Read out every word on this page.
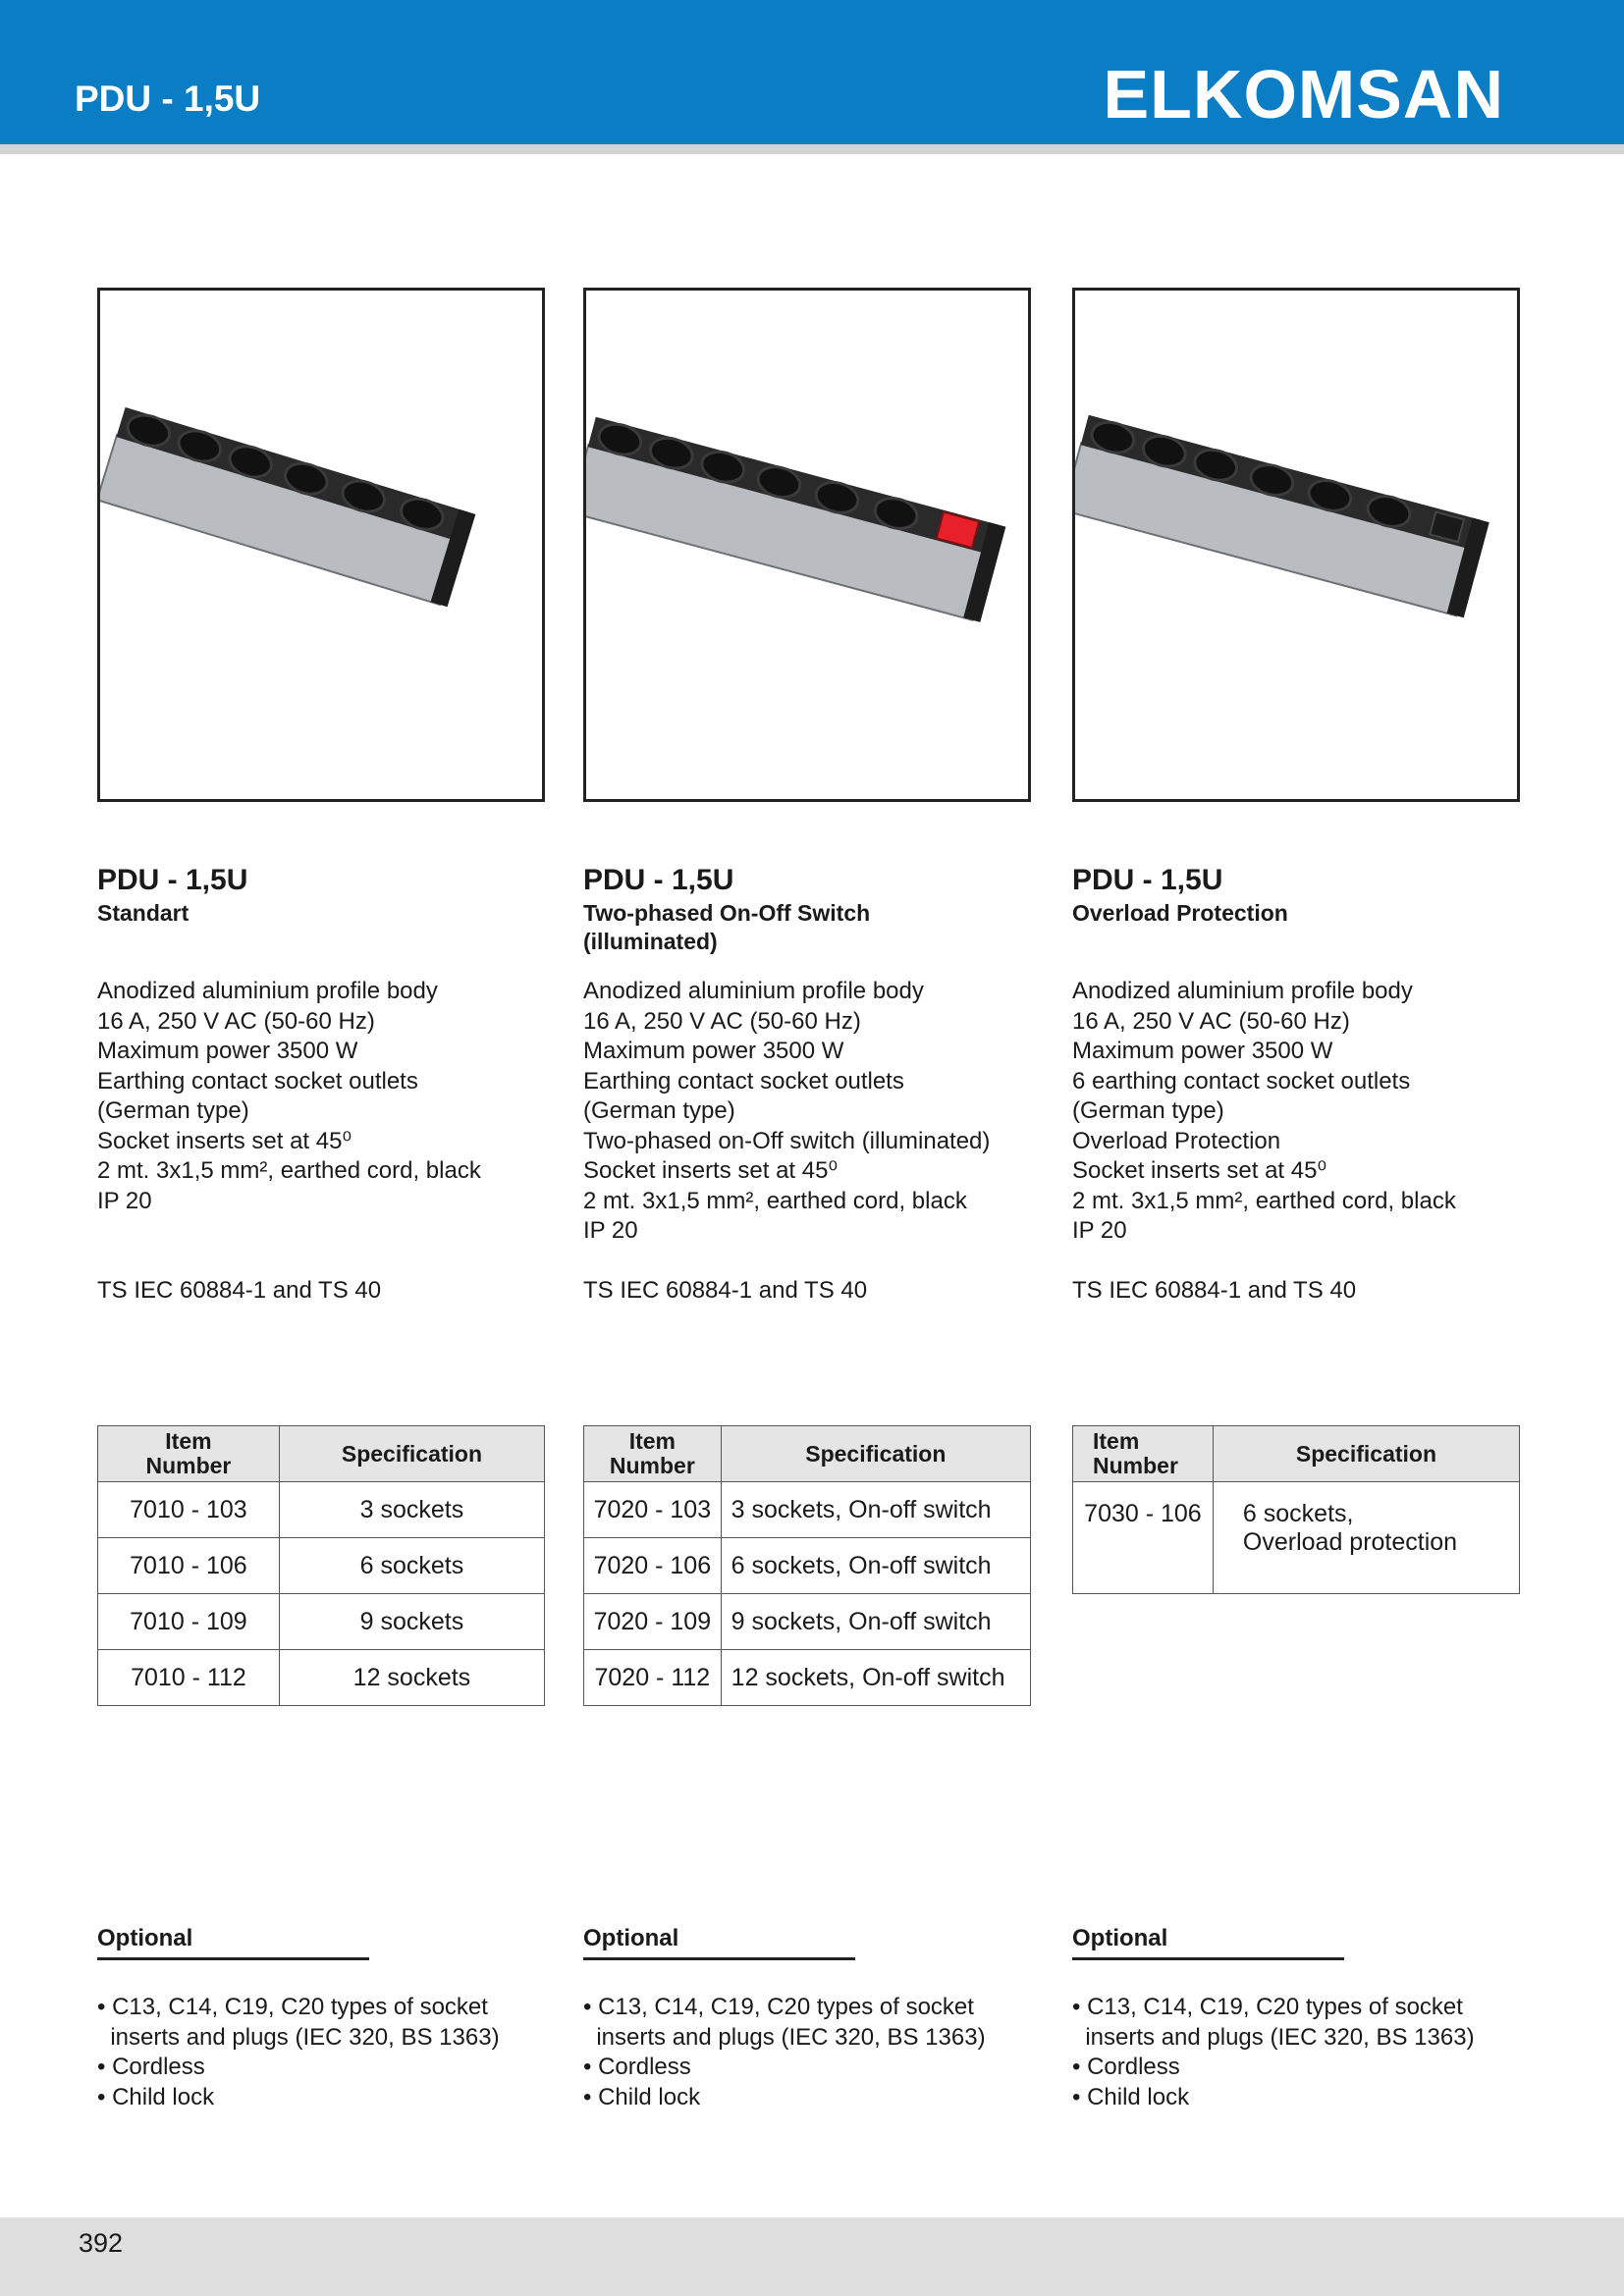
PDU - 1,5U	ELKOMSAN
PDU - 1,5U
Standart
Anodized aluminium profile body
16 A, 250 V AC (50-60 Hz)
Maximum power 3500 W
Earthing contact socket outlets
(German type)
Socket inserts set at 45⁰
2 mt. 3x1,5 mm², earthed cord, black
IP 20
TS IEC 60884-1 and TS 40
Item Number	Specification
7010 - 103	3 sockets
7010 - 106	6 sockets
7010 - 109	9 sockets
7010 - 112	12 sockets
Optional
• C13, C14, C19, C20 types of socket
inserts and plugs (IEC 320, BS 1363)
• Cordless
• Child lock
PDU - 1,5U
Two-phased On-Off Switch (illuminated)
Anodized aluminium profile body
16 A, 250 V AC (50-60 Hz)
Maximum power 3500 W
Earthing contact socket outlets
(German type)
Two-phased on-Off switch (illuminated)
Socket inserts set at 45⁰
2 mt. 3x1,5 mm², earthed cord, black
IP 20
TS IEC 60884-1 and TS 40
Item Number	Specification
7020 - 103	3 sockets, On-off switch
7020 - 106	6 sockets, On-off switch
7020 - 109	9 sockets, On-off switch
7020 - 112	12 sockets, On-off switch
Optional
• C13, C14, C19, C20 types of socket
inserts and plugs (IEC 320, BS 1363)
• Cordless
• Child lock
PDU - 1,5U
Overload Protection
Anodized aluminium profile body
16 A, 250 V AC (50-60 Hz)
Maximum power 3500 W
6 earthing contact socket outlets
(German type)
Overload Protection
Socket inserts set at 45⁰
2 mt. 3x1,5 mm², earthed cord, black
IP 20
TS IEC 60884-1 and TS 40
Item Number	Specification
7030 - 106	6 sockets,
Overload protection
Optional
• C13, C14, C19, C20 types of socket
inserts and plugs (IEC 320, BS 1363)
• Cordless
• Child lock
392
